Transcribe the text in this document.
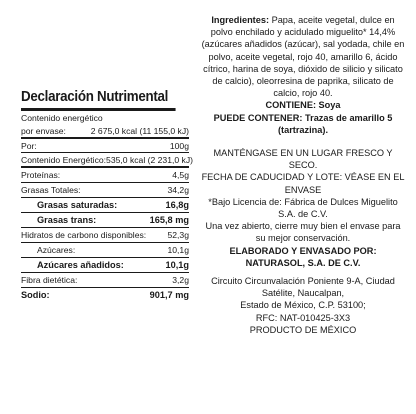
Declaración Nutrimental
Contenido energético
por envase:	2 675,0 kcal (11 155,0 kJ)
Por:	100g
Contenido Energético: 535,0 kcal (2 231,0 kJ)
Proteínas:	4,5g
Grasas Totales:	34,2g
Grasas saturadas:	16,8g
Grasas trans:	165,8 mg
Hidratos de carbono disponibles: 52,3g
Azúcares:	10,1g
Azúcares añadidos:	10,1g
Fibra dietética:	3,2g
Sodio:	901,7 mg

Ingredientes: Papa, aceite vegetal, dulce en polvo enchilado y acidulado miguelito* 14,4% (azúcares añadidos (azúcar), sal yodada, chile en polvo, aceite vegetal, rojo 40, amarillo 6, ácido cítrico, harina de soya, dióxido de silicio y silicato de calcio), oleorresina de paprika, silicato de calcio, rojo 40.

CONTIENE: Soya

PUEDE CONTENER: Trazas de amarillo 5 (tartrazina).

MANTÉNGASE EN UN LUGAR FRESCO Y SECO.

FECHA DE CADUCIDAD Y LOTE: VÉASE EN EL ENVASE

*Bajo Licencia de: Fábrica de Dulces Miguelito S.A. de C.V.

Una vez abierto, cierre muy bien el envase para su mejor conservación.

ELABORADO Y ENVASADO POR:

NATURASOL, S.A. DE C.V.

Circuito Circunvalación Poniente 9-A, Ciudad Satélite, Naucalpan,

Estado de México, C.P. 53100;

RFC: NAT-010425-3X3

PRODUCTO DE MÉXICO
